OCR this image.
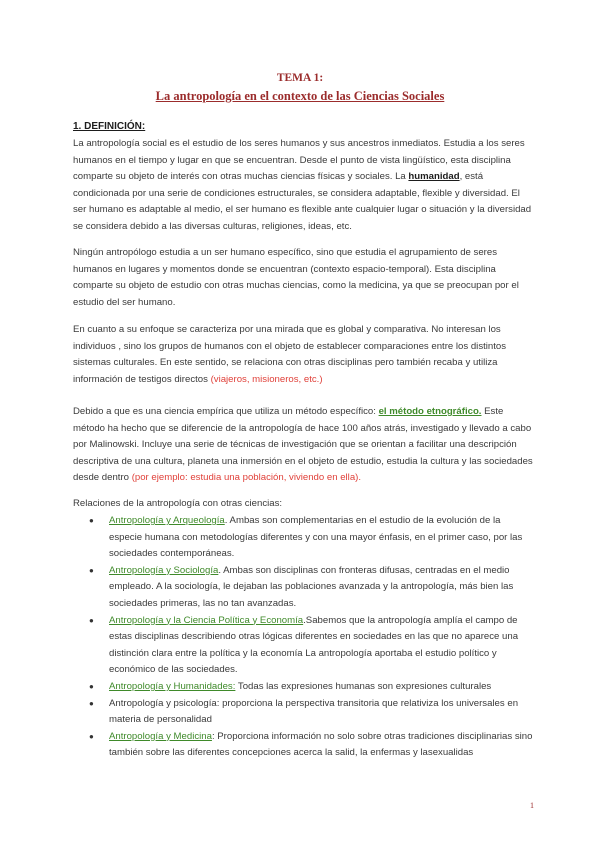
TEMA 1:
La antropología en el contexto de las Ciencias Sociales
1. DEFINICIÓN:

La antropología social es el estudio de los seres humanos y sus ancestros inmediatos. Estudia a los seres humanos en el tiempo y lugar en que se encuentran. Desde el punto de vista lingüístico, esta disciplina comparte su objeto de interés con otras muchas ciencias físicas y sociales. La humanidad, está condicionada por una serie de condiciones estructurales, se considera adaptable, flexible y diversidad. El ser humano es adaptable al medio, el ser humano es flexible ante cualquier lugar o situación y la diversidad se considera debido a las diversas culturas, religiones, ideas, etc.

Ningún antropólogo estudia a un ser humano específico, sino que estudia el agrupamiento de seres humanos en lugares y momentos donde se encuentran (contexto espacio-temporal). Esta disciplina comparte su objeto de estudio con otras muchas ciencias, como la medicina, ya que se preocupan por el estudio del ser humano.

En cuanto a su enfoque se caracteriza por una mirada que es global y comparativa. No interesan los individuos , sino los grupos de humanos con el objeto de establecer comparaciones entre los distintos sistemas culturales. En este sentido, se relaciona con otras disciplinas pero también recaba y utiliza información de testigos directos (viajeros, misioneros, etc.)

Debido a que es una ciencia empírica que utiliza un método específico: el método etnográfico. Este método ha hecho que se diferencie de la antropología de hace 100 años atrás, investigado y llevado a cabo por Malinowski. Incluye una serie de técnicas de investigación que se orientan a facilitar una descripción descriptiva de una cultura, planeta una inmersión en el objeto de estudio, estudia la cultura y las sociedades desde dentro (por ejemplo: estudia una población, viviendo en ella).

Relaciones de la antropología con otras ciencias:
● Antropología y Arqueología. Ambas son complementarias en el estudio de la evolución de la especie humana con metodologías diferentes y con una mayor énfasis, en el primer caso, por las sociedades contemporáneas.
● Antropología y Sociología. Ambas son disciplinas con fronteras difusas, centradas en el medio empleado. A la sociología, le dejaban las poblaciones avanzada y la antropología, más bien las sociedades primeras, las no tan avanzadas.
● Antropología y la Ciencia Política y Economía.Sabemos que la antropología amplía el campo de estas disciplinas describiendo otras lógicas diferentes en sociedades en las que no aparece una distinción clara entre la política y la economía La antropología aportaba el estudio político y económico de las sociedades.
● Antropología y Humanidades: Todas las expresiones humanas son expresiones culturales
● Antropología y psicología: proporciona la perspectiva transitoria que relativiza los universales en materia de personalidad
● Antropología y Medicina: Proporciona información no solo sobre otras tradiciones disciplinarias sino también sobre las diferentes concepciones acerca la salid, la enfermas y lasexualidas
1
